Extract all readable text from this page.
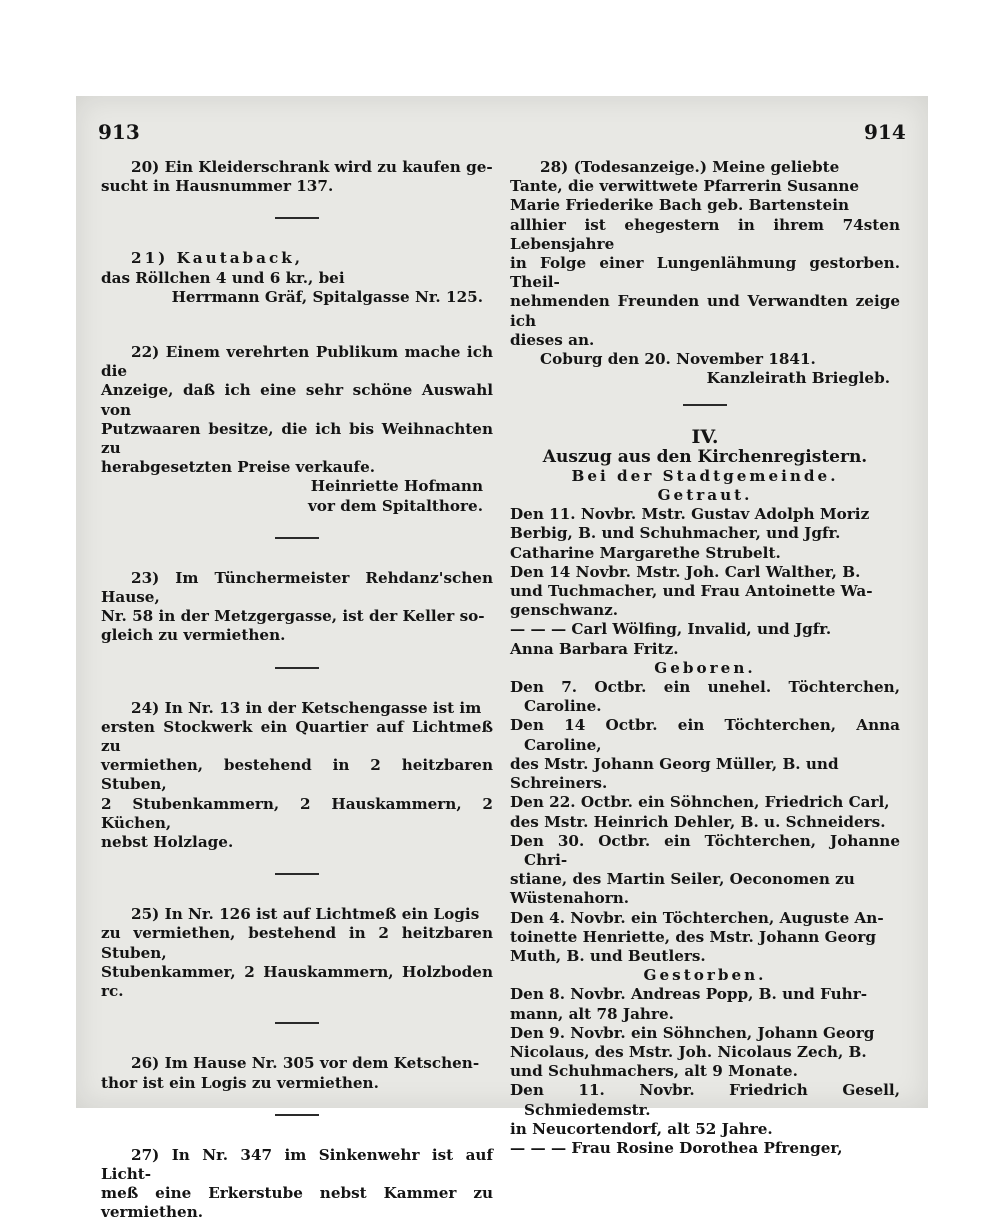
913	914

20) Ein Kleiderschrank wird zu kaufen ge-

sucht in Hausnummer 137.

21) Kautaback,

das Röllchen 4 und 6 kr., bei

Herrmann Gräf, Spitalgasse Nr. 125.

22) Einem verehrten Publikum mache ich die

Anzeige, daß ich eine sehr schöne Auswahl von

Putzwaaren besitze, die ich bis Weihnachten zu

herabgesetzten Preise verkaufe.

Heinriette Hofmann

vor dem Spitalthore.

23) Im Tünchermeister Rehdanz'schen Hause,

Nr. 58 in der Metzgergasse, ist der Keller so-

gleich zu vermiethen.

24) In Nr. 13 in der Ketschengasse ist im

ersten Stockwerk ein Quartier auf Lichtmeß zu

vermiethen, bestehend in 2 heitzbaren Stuben,

2 Stubenkammern, 2 Hauskammern, 2 Küchen,

nebst Holzlage.

25) In Nr. 126 ist auf Lichtmeß ein Logis

zu vermiethen, bestehend in 2 heitzbaren Stuben,

Stubenkammer, 2 Hauskammern, Holzboden rc.

26) Im Hause Nr. 305 vor dem Ketschen-

thor ist ein Logis zu vermiethen.

27) In Nr. 347 im Sinkenwehr ist auf Licht-

meß eine Erkerstube nebst Kammer zu vermiethen.

28) (Todesanzeige.) Meine geliebte

Tante, die verwittwete Pfarrerin Susanne

Marie Friederike Bach geb. Bartenstein

allhier ist ehegestern in ihrem 74sten Lebensjahre

in Folge einer Lungenlähmung gestorben. Theil-

nehmenden Freunden und Verwandten zeige ich

dieses an.

Coburg den 20. November 1841.

Kanzleirath Briegleb.

IV.

Auszug aus den Kirchenregistern.

Bei der Stadtgemeinde.

Getraut.

Den 11. Novbr. Mstr. Gustav Adolph Moriz

Berbig, B. und Schuhmacher, und Jgfr.

Catharine Margarethe Strubelt.

Den 14 Novbr. Mstr. Joh. Carl Walther, B.

und Tuchmacher, und Frau Antoinette Wa-

genschwanz.

— — — Carl Wölfing, Invalid, und Jgfr.

Anna Barbara Fritz.

Geboren.

Den 7. Octbr. ein unehel. Töchterchen, Caroline.

Den 14 Octbr. ein Töchterchen, Anna Caroline,

des Mstr. Johann Georg Müller, B. und

Schreiners.

Den 22. Octbr. ein Söhnchen, Friedrich Carl,

des Mstr. Heinrich Dehler, B. u. Schneiders.

Den 30. Octbr. ein Töchterchen, Johanne Chri-

stiane, des Martin Seiler, Oeconomen zu

Wüstenahorn.

Den 4. Novbr. ein Töchterchen, Auguste An-

toinette Henriette, des Mstr. Johann Georg

Muth, B. und Beutlers.

Gestorben.

Den 8. Novbr. Andreas Popp, B. und Fuhr-

mann, alt 78 Jahre.

Den 9. Novbr. ein Söhnchen, Johann Georg

Nicolaus, des Mstr. Joh. Nicolaus Zech, B.

und Schuhmachers, alt 9 Monate.

Den 11. Novbr. Friedrich Gesell, Schmiedemstr.

in Neucortendorf, alt 52 Jahre.

— — — Frau Rosine Dorothea Pfrenger,
